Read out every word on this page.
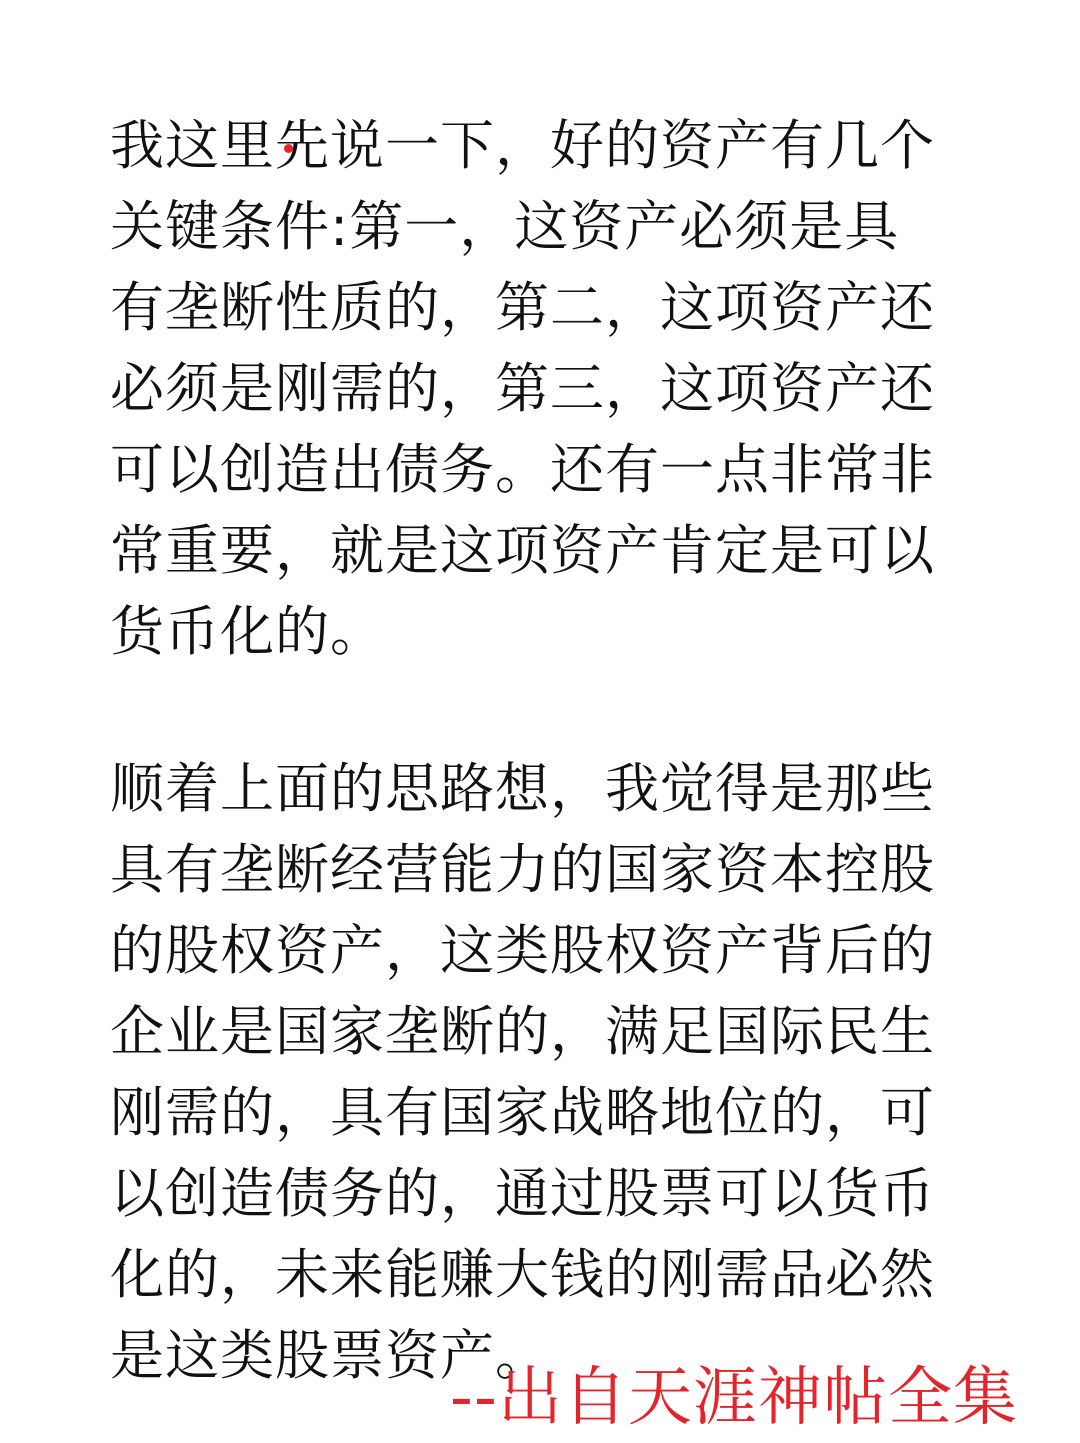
我这里先说一下，好的资产有几个
关键条件:第一，这资产必须是具
有垄断性质的，第二，这项资产还
必须是刚需的，第三，这项资产还
可以创造出债务。还有一点非常非
常重要，就是这项资产肯定是可以
货币化的。
顺着上面的思路想，我觉得是那些
具有垄断经营能力的国家资本控股
的股权资产，这类股权资产背后的
企业是国家垄断的，满足国际民生
刚需的，具有国家战略地位的，可
以创造债务的，通过股票可以货币
化的，未来能赚大钱的刚需品必然
是这类股票资产。
--出自天涯神帖全集
